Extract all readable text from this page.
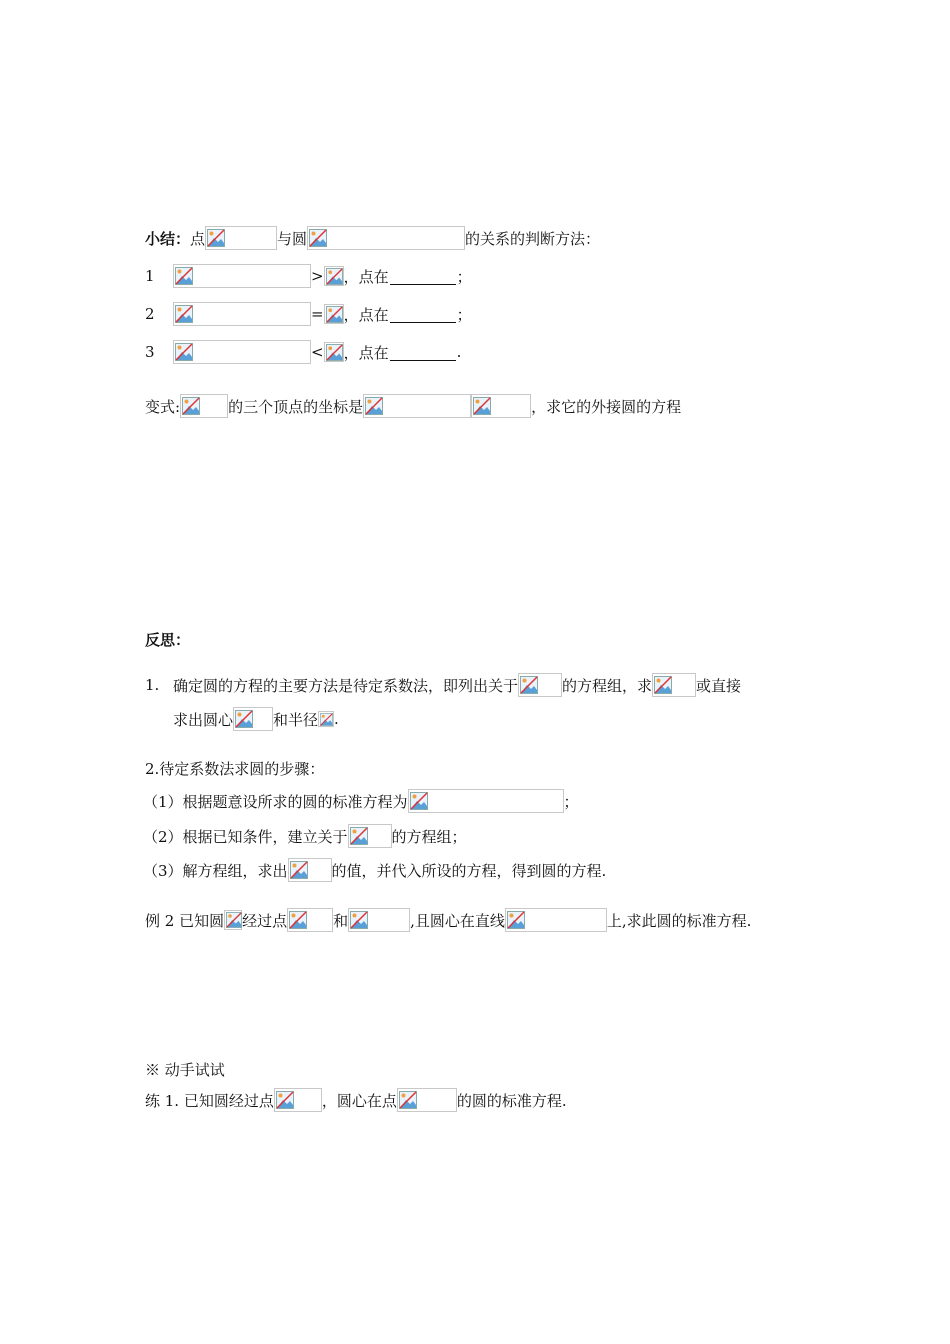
小结： 点	与圆	的关系的判断方法：
1	> ，点在	；
2	= ，点在	；
3	< ，点在	.
变式:	的三个顶点的坐标是	，求它的外接圆的方程
反思：
1. 确定圆的方程的主要方法是待定系数法，即列出关于	的方程组，求	或直接
求出圆心	和半径 .
2.待定系数法求圆的步骤：
（1）根据题意设所求的圆的标准方程为	；
（2）根据已知条件，建立关于	的方程组；
（3）解方程组，求出	的值，并代入所设的方程，得到圆的方程.
例 2 已知圆 经过点	和	,且圆心在直线	上,求此圆的标准方程.
※ 动手试试
练 1. 已知圆经过点	，圆心在点	的圆的标准方程.
